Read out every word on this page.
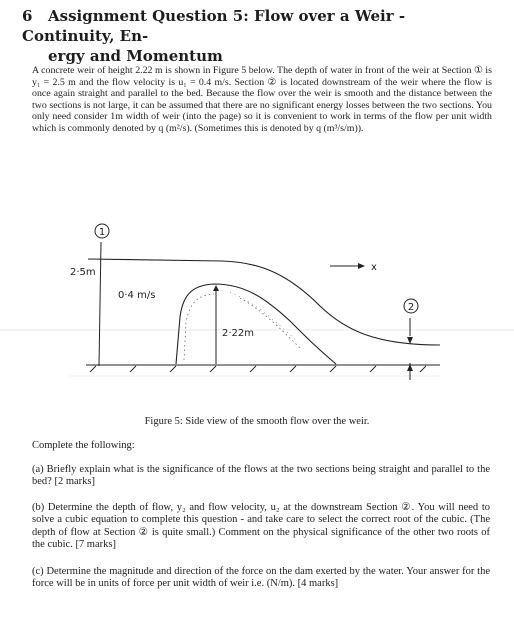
6 Assignment Question 5: Flow over a Weir - Continuity, En-
ergy and Momentum

A concrete weir of height 2.22 m is shown in Figure 5 below. The depth of water in front of the weir at Section ① is y₁ = 2.5 m and the flow velocity is u₁ = 0.4 m/s. Section ② is located downstream of the weir where the flow is once again straight and parallel to the bed. Because the flow over the weir is smooth and the distance between the two sections is not large, it can be assumed that there are no significant energy losses between the two sections. You only need consider 1m width of weir (into the page) so it is convenient to work in terms of the flow per unit width which is commonly denoted by q (m²/s). (Sometimes this is denoted by q (m³/s/m)).

1
2·5m
2·22m
0·4 m/s
x
2
Figure 5: Side view of the smooth flow over the weir.
Complete the following:

(a) Briefly explain what is the significance of the flows at the two sections being straight and parallel to the bed? [2 marks]

(b) Determine the depth of flow, y₂ and flow velocity, u₂ at the downstream Section ②. You will need to solve a cubic equation to complete this question - and take care to select the correct root of the cubic. (The depth of flow at Section ② is quite small.) Comment on the physical significance of the other two roots of the cubic. [7 marks]

(c) Determine the magnitude and direction of the force on the dam exerted by the water. Your answer for the force will be in units of force per unit width of weir i.e. (N/m). [4 marks]
